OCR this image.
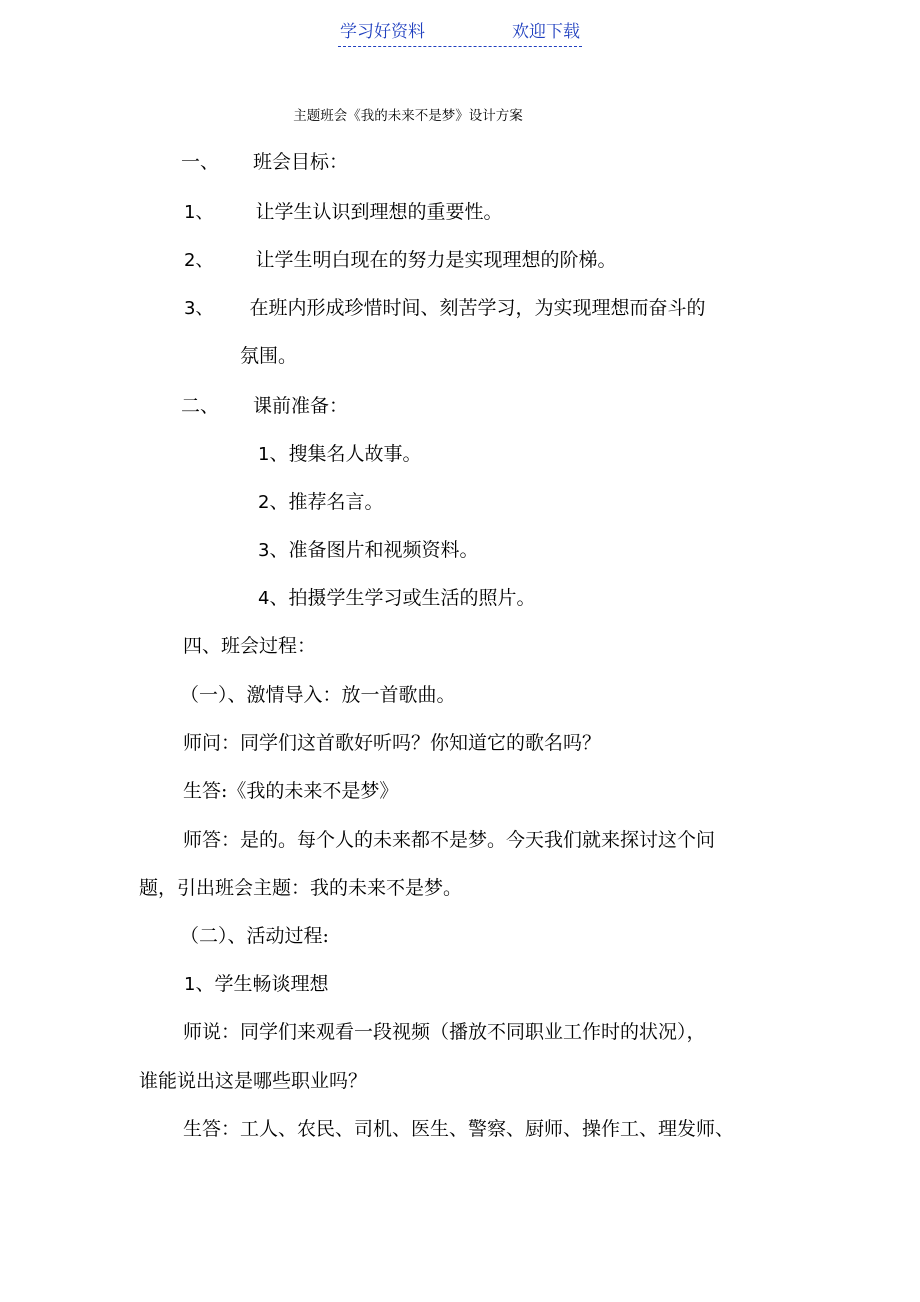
学习好资料	欢迎下载
主题班会《我的未来不是梦》设计方案
一、 班会目标：
1、 让学生认识到理想的重要性。
2、 让学生明白现在的努力是实现理想的阶梯。
3、 在班内形成珍惜时间、刻苦学习，为实现理想而奋斗的
氛围。
二、 课前准备：
1、搜集名人故事。
2、推荐名言。
3、准备图片和视频资料。
4、拍摄学生学习或生活的照片。
四、班会过程：
（一）、激情导入：放一首歌曲。
师问：同学们这首歌好听吗？你知道它的歌名吗？
生答:《我的未来不是梦》
师答：是的。每个人的未来都不是梦。今天我们就来探讨这个问
题，引出班会主题：我的未来不是梦。
（二）、活动过程:
1、学生畅谈理想
师说：同学们来观看一段视频（播放不同职业工作时的状况），
谁能说出这是哪些职业吗？
生答：工人、农民、司机、医生、警察、厨师、操作工、理发师、
